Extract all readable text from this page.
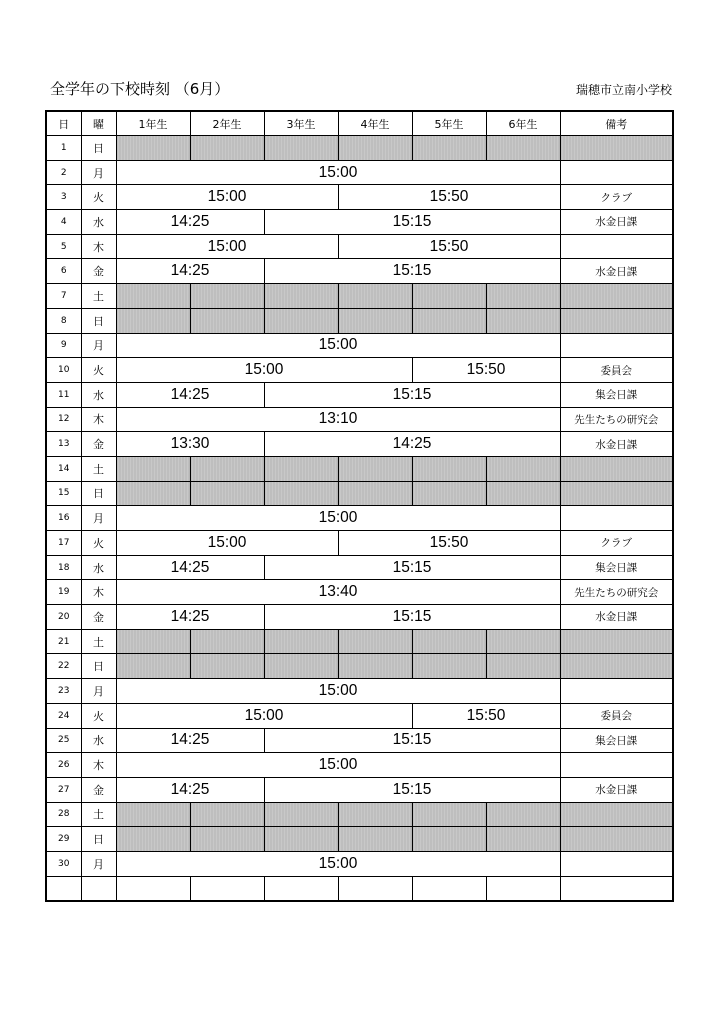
全学年の下校時刻 （6月）	瑞穂市立南小学校
日	曜	1年生	2年生	3年生	4年生	5年生	6年生	備考
1	日							
2	月	15:00						
3	火	15:00			15:50			クラブ
4	水	14:25		15:15				水金日課
5	木	15:00			15:50			
6	金	14:25		15:15				水金日課
7	土							
8	日							
9	月	15:00						
10	火	15:00				15:50		委員会
11	水	14:25		15:15				集会日課
12	木	13:10						先生たちの研究会
13	金	13:30		14:25				水金日課
14	土							
15	日							
16	月	15:00						
17	火	15:00			15:50			クラブ
18	水	14:25		15:15				集会日課
19	木	13:40						先生たちの研究会
20	金	14:25		15:15				水金日課
21	土							
22	日							
23	月	15:00						
24	火	15:00				15:50		委員会
25	水	14:25		15:15				集会日課
26	木	15:00						
27	金	14:25		15:15				水金日課
28	土							
29	日							
30	月	15:00						
